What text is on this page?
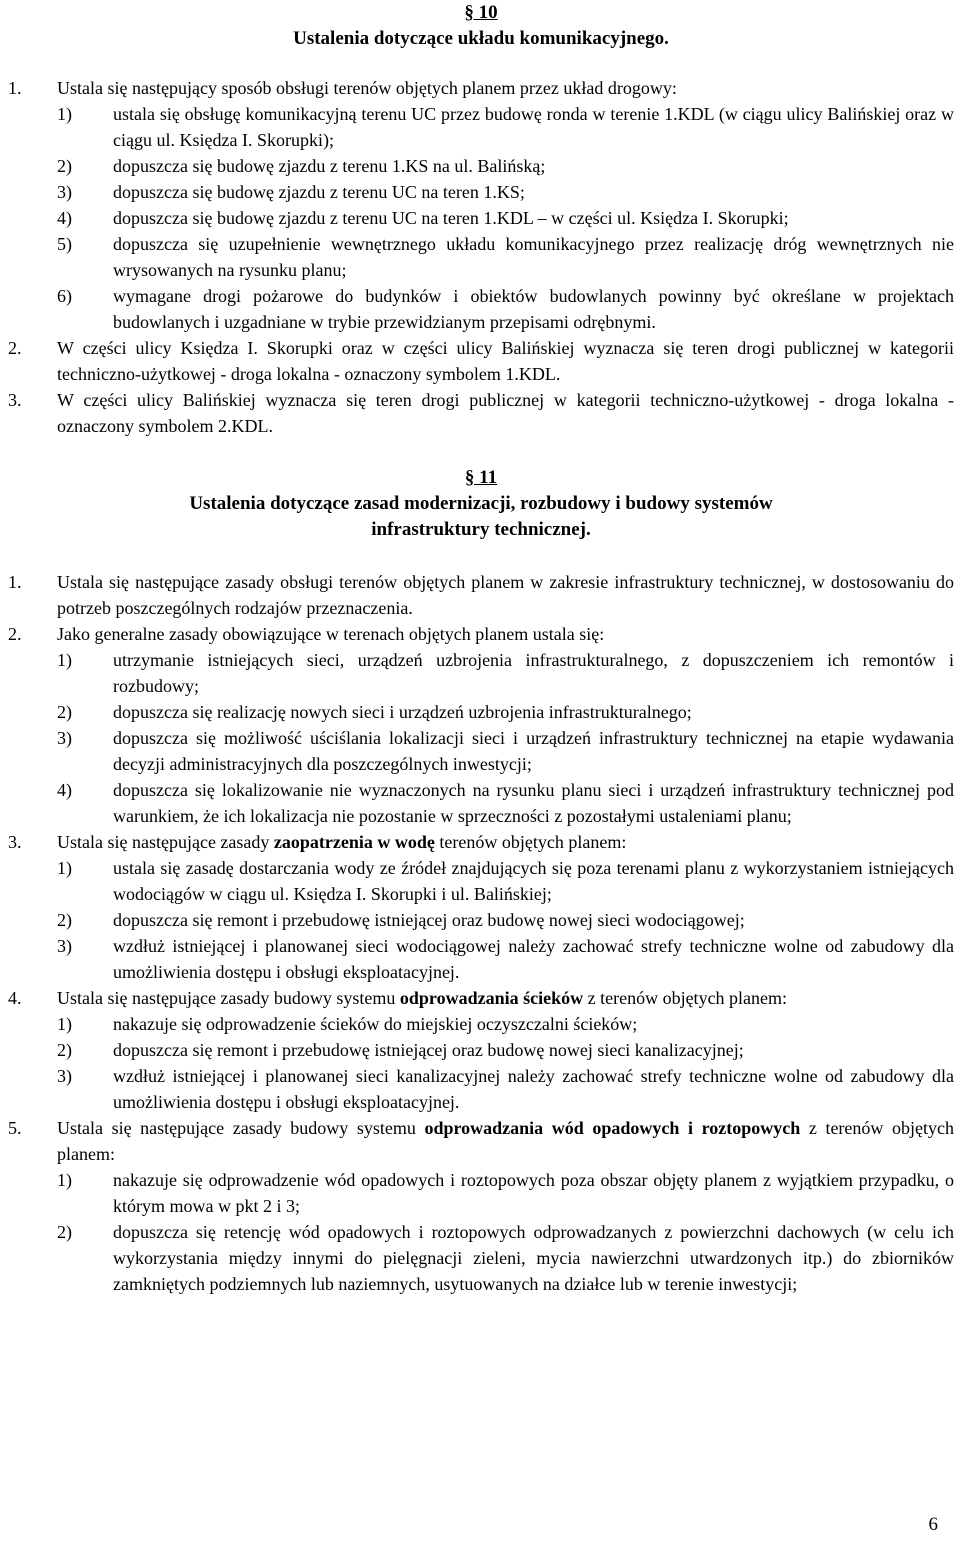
§ 10
Ustalenia dotyczące układu komunikacyjnego.
1. Ustala się następujący sposób obsługi terenów objętych planem przez układ drogowy:
1) ustala się obsługę komunikacyjną terenu UC przez budowę ronda w terenie 1.KDL (w ciągu ulicy Balińskiej oraz w ciągu ul. Księdza I. Skorupki);
2) dopuszcza się budowę zjazdu z terenu 1.KS na ul. Balińską;
3) dopuszcza się budowę zjazdu z terenu UC na teren 1.KS;
4) dopuszcza się budowę zjazdu z terenu UC na teren 1.KDL – w części ul. Księdza I. Skorupki;
5) dopuszcza się uzupełnienie wewnętrznego układu komunikacyjnego przez realizację dróg wewnętrznych nie wrysowanych na rysunku planu;
6) wymagane drogi pożarowe do budynków i obiektów budowlanych powinny być określane w projektach budowlanych i uzgadniane w trybie przewidzianym przepisami odrębnymi.
2. W części ulicy Księdza I. Skorupki oraz w części ulicy Balińskiej wyznacza się teren drogi publicznej w kategorii techniczno-użytkowej - droga lokalna - oznaczony symbolem 1.KDL.
3. W części ulicy Balińskiej wyznacza się teren drogi publicznej w kategorii techniczno-użytkowej - droga lokalna - oznaczony symbolem 2.KDL.
§ 11
Ustalenia dotyczące zasad modernizacji, rozbudowy i budowy systemów
infrastruktury technicznej.
1. Ustala się następujące zasady obsługi terenów objętych planem w zakresie infrastruktury technicznej, w dostosowaniu do potrzeb poszczególnych rodzajów przeznaczenia.
2. Jako generalne zasady obowiązujące w terenach objętych planem ustala się:
1) utrzymanie istniejących sieci, urządzeń uzbrojenia infrastrukturalnego, z dopuszczeniem ich remontów i rozbudowy;
2) dopuszcza się realizację nowych sieci i urządzeń uzbrojenia infrastrukturalnego;
3) dopuszcza się możliwość uściślania lokalizacji sieci i urządzeń infrastruktury technicznej na etapie wydawania decyzji administracyjnych dla poszczególnych inwestycji;
4) dopuszcza się lokalizowanie nie wyznaczonych na rysunku planu sieci i urządzeń infrastruktury technicznej pod warunkiem, że ich lokalizacja nie pozostanie w sprzeczności z pozostałymi ustaleniami planu;
3. Ustala się następujące zasady zaopatrzenia w wodę terenów objętych planem:
1) ustala się zasadę dostarczania wody ze źródeł znajdujących się poza terenami planu z wykorzystaniem istniejących wodociągów w ciągu ul. Księdza I. Skorupki i ul. Balińskiej;
2) dopuszcza się remont i przebudowę istniejącej oraz budowę nowej sieci wodociągowej;
3) wzdłuż istniejącej i planowanej sieci wodociągowej należy zachować strefy techniczne wolne od zabudowy dla umożliwienia dostępu i obsługi eksploatacyjnej.
4. Ustala się następujące zasady budowy systemu odprowadzania ścieków z terenów objętych planem:
1) nakazuje się odprowadzenie ścieków do miejskiej oczyszczalni ścieków;
2) dopuszcza się remont i przebudowę istniejącej oraz budowę nowej sieci kanalizacyjnej;
3) wzdłuż istniejącej i planowanej sieci kanalizacyjnej należy zachować strefy techniczne wolne od zabudowy dla umożliwienia dostępu i obsługi eksploatacyjnej.
5. Ustala się następujące zasady budowy systemu odprowadzania wód opadowych i roztopowych z terenów objętych planem:
1) nakazuje się odprowadzenie wód opadowych i roztopowych poza obszar objęty planem z wyjątkiem przypadku, o którym mowa w pkt 2 i 3;
2) dopuszcza się retencję wód opadowych i roztopowych odprowadzanych z powierzchni dachowych (w celu ich wykorzystania między innymi do pielęgnacji zieleni, mycia nawierzchni utwardzonych itp.) do zbiorników zamkniętych podziemnych lub naziemnych, usytuowanych na działce lub w terenie inwestycji;
6
